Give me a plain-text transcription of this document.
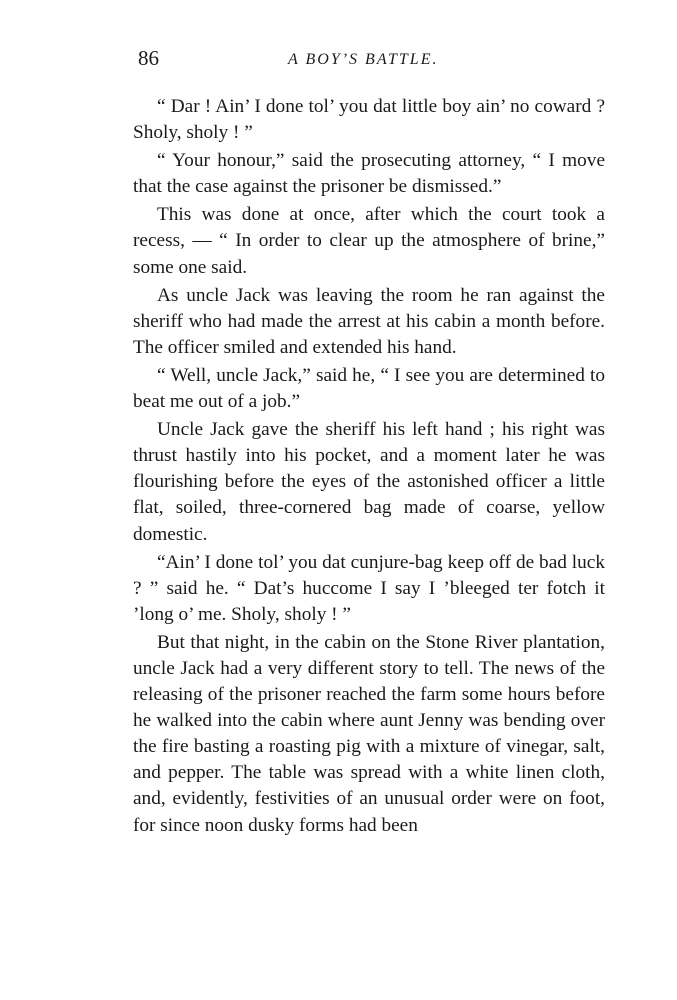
86	A BOY’S BATTLE.

“ Dar ! Ain’ I done tol’ you dat little boy ain’ no coward ? Sholy, sholy ! ”

“ Your honour,” said the prosecuting attorney, “ I move that the case against the prisoner be dismissed.”

This was done at once, after which the court took a recess, — “ In order to clear up the atmosphere of brine,” some one said.

As uncle Jack was leaving the room he ran against the sheriff who had made the arrest at his cabin a month before. The officer smiled and extended his hand.

“ Well, uncle Jack,” said he, “ I see you are determined to beat me out of a job.”

Uncle Jack gave the sheriff his left hand ; his right was thrust hastily into his pocket, and a moment later he was flourishing before the eyes of the astonished officer a little flat, soiled, three-cornered bag made of coarse, yellow domestic.

“Ain’ I done tol’ you dat cunjure-bag keep off de bad luck ? ” said he. “ Dat’s huccome I say I ’bleeged ter fotch it ’long o’ me. Sholy, sholy ! ”

But that night, in the cabin on the Stone River plantation, uncle Jack had a very different story to tell. The news of the releasing of the prisoner reached the farm some hours before he walked into the cabin where aunt Jenny was bending over the fire basting a roasting pig with a mixture of vinegar, salt, and pepper. The table was spread with a white linen cloth, and, evidently, festivities of an unusual order were on foot, for since noon dusky forms had been
